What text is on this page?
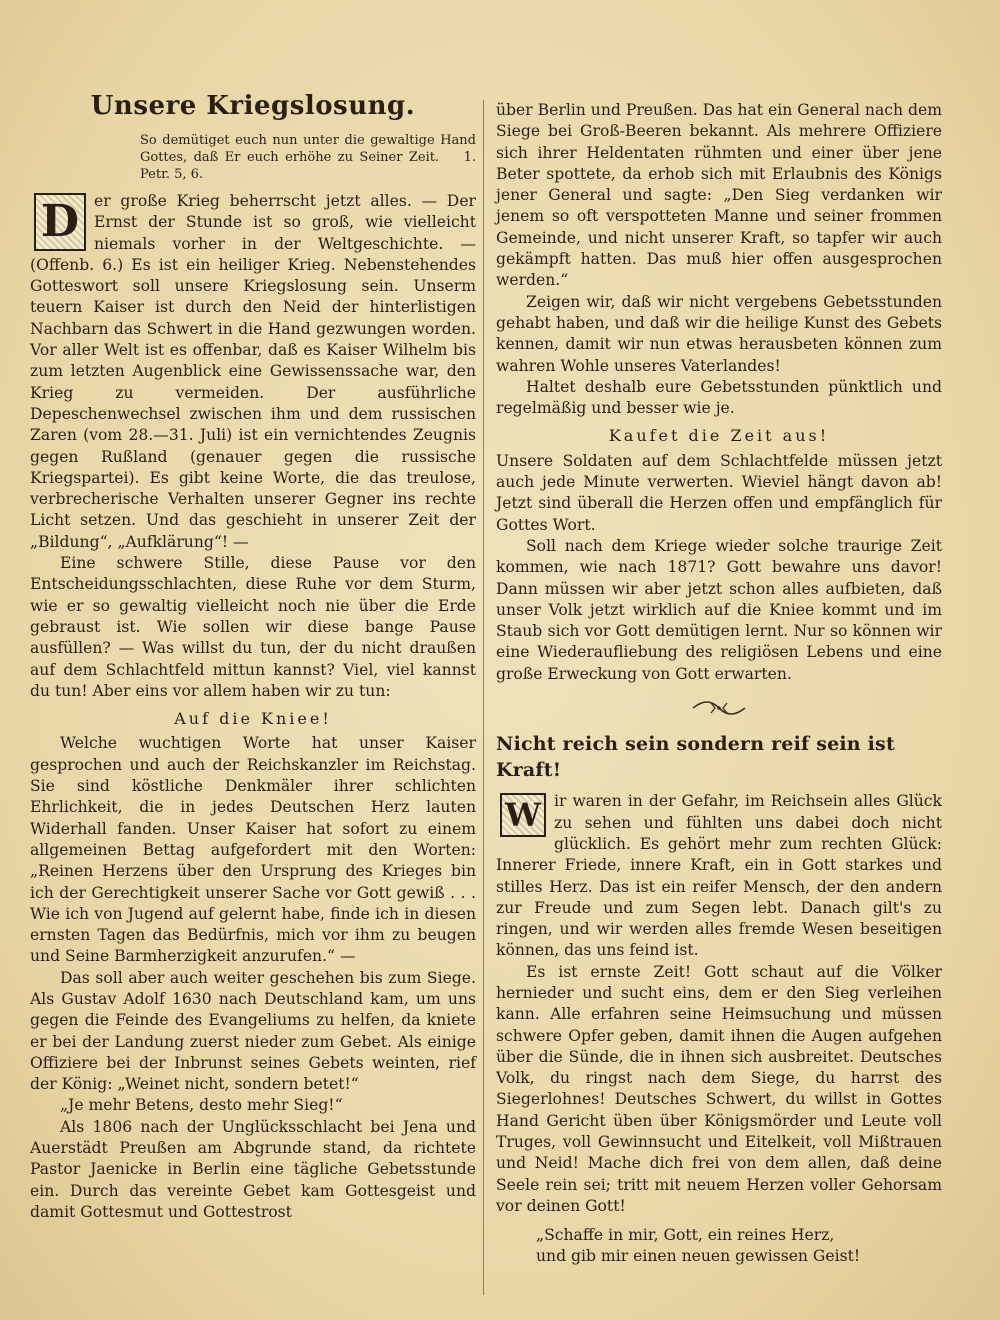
Unsere Kriegslosung.
So demütiget euch nun unter die gewaltige Hand Gottes, daß Er euch erhöhe zu Seiner Zeit. 1. Petr. 5, 6.
D er große Krieg beherrscht jetzt alles. — Der Ernst der Stunde ist so groß, wie vielleicht niemals vorher in der Weltgeschichte. — (Offenb. 6.) Es ist ein heiliger Krieg. Nebenstehendes Gotteswort soll unsere Kriegslosung sein. Unserm teuern Kaiser ist durch den Neid der hinterlistigen Nachbarn das Schwert in die Hand gezwungen worden. Vor aller Welt ist es offenbar, daß es Kaiser Wilhelm bis zum letzten Augenblick eine Gewissenssache war, den Krieg zu vermeiden. Der ausführliche Depeschenwechsel zwischen ihm und dem russischen Zaren (vom 28.—31. Juli) ist ein vernichtendes Zeugnis gegen Rußland (genauer gegen die russische Kriegspartei). Es gibt keine Worte, die das treulose, verbrecherische Verhalten unserer Gegner ins rechte Licht setzen. Und das geschieht in unserer Zeit der „Bildung“, „Aufklärung“! —

Eine schwere Stille, diese Pause vor den Entscheidungsschlachten, diese Ruhe vor dem Sturm, wie er so gewaltig vielleicht noch nie über die Erde gebraust ist. Wie sollen wir diese bange Pause ausfüllen? — Was willst du tun, der du nicht draußen auf dem Schlachtfeld mittun kannst? Viel, viel kannst du tun! Aber eins vor allem haben wir zu tun:

Auf die Kniee!

Welche wuchtigen Worte hat unser Kaiser gesprochen und auch der Reichskanzler im Reichstag. Sie sind köstliche Denkmäler ihrer schlichten Ehrlichkeit, die in jedes Deutschen Herz lauten Widerhall fanden. Unser Kaiser hat sofort zu einem allgemeinen Bettag aufgefordert mit den Worten: „Reinen Herzens über den Ursprung des Krieges bin ich der Gerechtigkeit unserer Sache vor Gott gewiß . . . Wie ich von Jugend auf gelernt habe, finde ich in diesen ernsten Tagen das Bedürfnis, mich vor ihm zu beugen und Seine Barmherzigkeit anzurufen.“ —

Das soll aber auch weiter geschehen bis zum Siege. Als Gustav Adolf 1630 nach Deutschland kam, um uns gegen die Feinde des Evangeliums zu helfen, da kniete er bei der Landung zuerst nieder zum Gebet. Als einige Offiziere bei der Inbrunst seines Gebets weinten, rief der König: „Weinet nicht, sondern betet!“

„Je mehr Betens, desto mehr Sieg!“

Als 1806 nach der Unglücksschlacht bei Jena und Auerstädt Preußen am Abgrunde stand, da richtete Pastor Jaenicke in Berlin eine tägliche Gebetsstunde ein. Durch das vereinte Gebet kam Gottesgeist und damit Gottesmut und Gottestrost

über Berlin und Preußen. Das hat ein General nach dem Siege bei Groß-Beeren bekannt. Als mehrere Offiziere sich ihrer Heldentaten rühmten und einer über jene Beter spottete, da erhob sich mit Erlaubnis des Königs jener General und sagte: „Den Sieg verdanken wir jenem so oft verspotteten Manne und seiner frommen Gemeinde, und nicht unserer Kraft, so tapfer wir auch gekämpft hatten. Das muß hier offen ausgesprochen werden.“

Zeigen wir, daß wir nicht vergebens Gebetsstunden gehabt haben, und daß wir die heilige Kunst des Gebets kennen, damit wir nun etwas herausbeten können zum wahren Wohle unseres Vaterlandes!

Haltet deshalb eure Gebetsstunden pünktlich und regelmäßig und besser wie je.

Kaufet die Zeit aus!

Unsere Soldaten auf dem Schlachtfelde müssen jetzt auch jede Minute verwerten. Wieviel hängt davon ab! Jetzt sind überall die Herzen offen und empfänglich für Gottes Wort.

Soll nach dem Kriege wieder solche traurige Zeit kommen, wie nach 1871? Gott bewahre uns davor! Dann müssen wir aber jetzt schon alles aufbieten, daß unser Volk jetzt wirklich auf die Kniee kommt und im Staub sich vor Gott demütigen lernt. Nur so können wir eine Wiederaufliebung des religiösen Lebens und eine große Erweckung von Gott erwarten.

Nicht reich sein sondern reif sein ist Kraft!
W ir waren in der Gefahr, im Reichsein alles Glück zu sehen und fühlten uns dabei doch nicht glücklich. Es gehört mehr zum rechten Glück: Innerer Friede, innere Kraft, ein in Gott starkes und stilles Herz. Das ist ein reifer Mensch, der den andern zur Freude und zum Segen lebt. Danach gilt's zu ringen, und wir werden alles fremde Wesen beseitigen können, das uns feind ist.

Es ist ernste Zeit! Gott schaut auf die Völker hernieder und sucht eins, dem er den Sieg verleihen kann. Alle erfahren seine Heimsuchung und müssen schwere Opfer geben, damit ihnen die Augen aufgehen über die Sünde, die in ihnen sich ausbreitet. Deutsches Volk, du ringst nach dem Siege, du harrst des Siegerlohnes! Deutsches Schwert, du willst in Gottes Hand Gericht üben über Königsmörder und Leute voll Truges, voll Gewinnsucht und Eitelkeit, voll Mißtrauen und Neid! Mache dich frei von dem allen, daß deine Seele rein sei; tritt mit neuem Herzen voller Gehorsam vor deinen Gott!

„Schaffe in mir, Gott, ein reines Herz,
und gib mir einen neuen gewissen Geist!
